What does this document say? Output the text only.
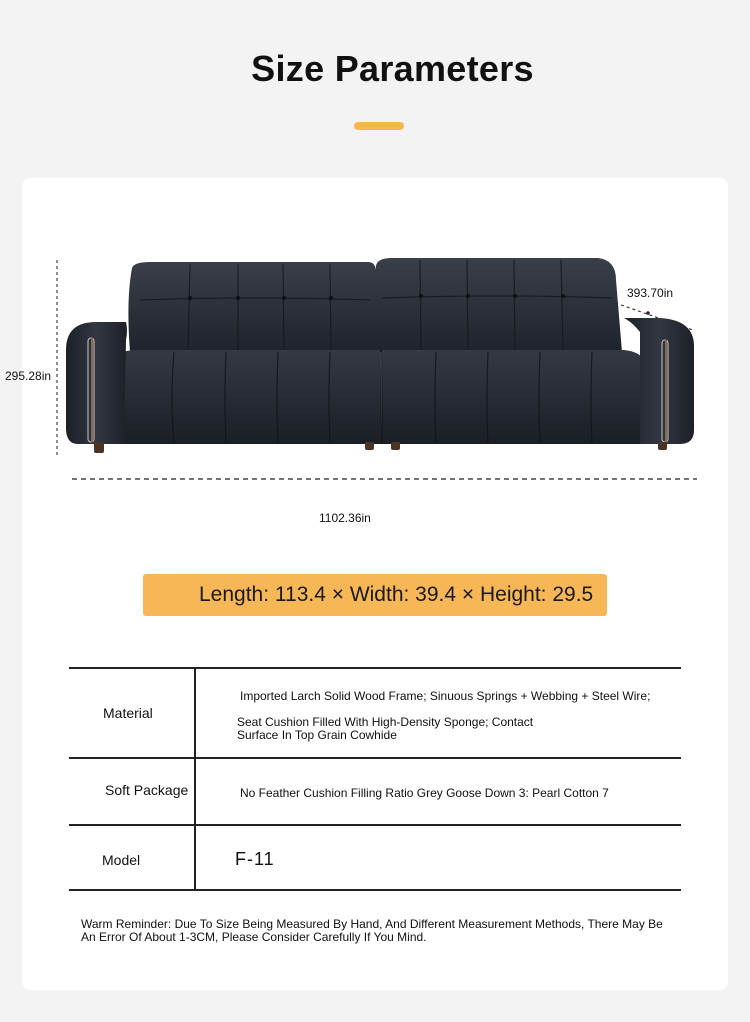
Size Parameters
295.28in
393.70in
1102.36in
Length: 113.4 × Width: 39.4 × Height: 29.5
Material
Imported Larch Solid Wood Frame; Sinuous Springs + Webbing + Steel Wire;
Seat Cushion Filled With High-Density Sponge; Contact
Surface In Top Grain Cowhide
Soft Package	No Feather Cushion Filling Ratio Grey Goose Down 3: Pearl Cotton 7
Model	F-11
Warm Reminder: Due To Size Being Measured By Hand, And Different Measurement Methods, There May Be
An Error Of About 1-3CM, Please Consider Carefully If You Mind.
